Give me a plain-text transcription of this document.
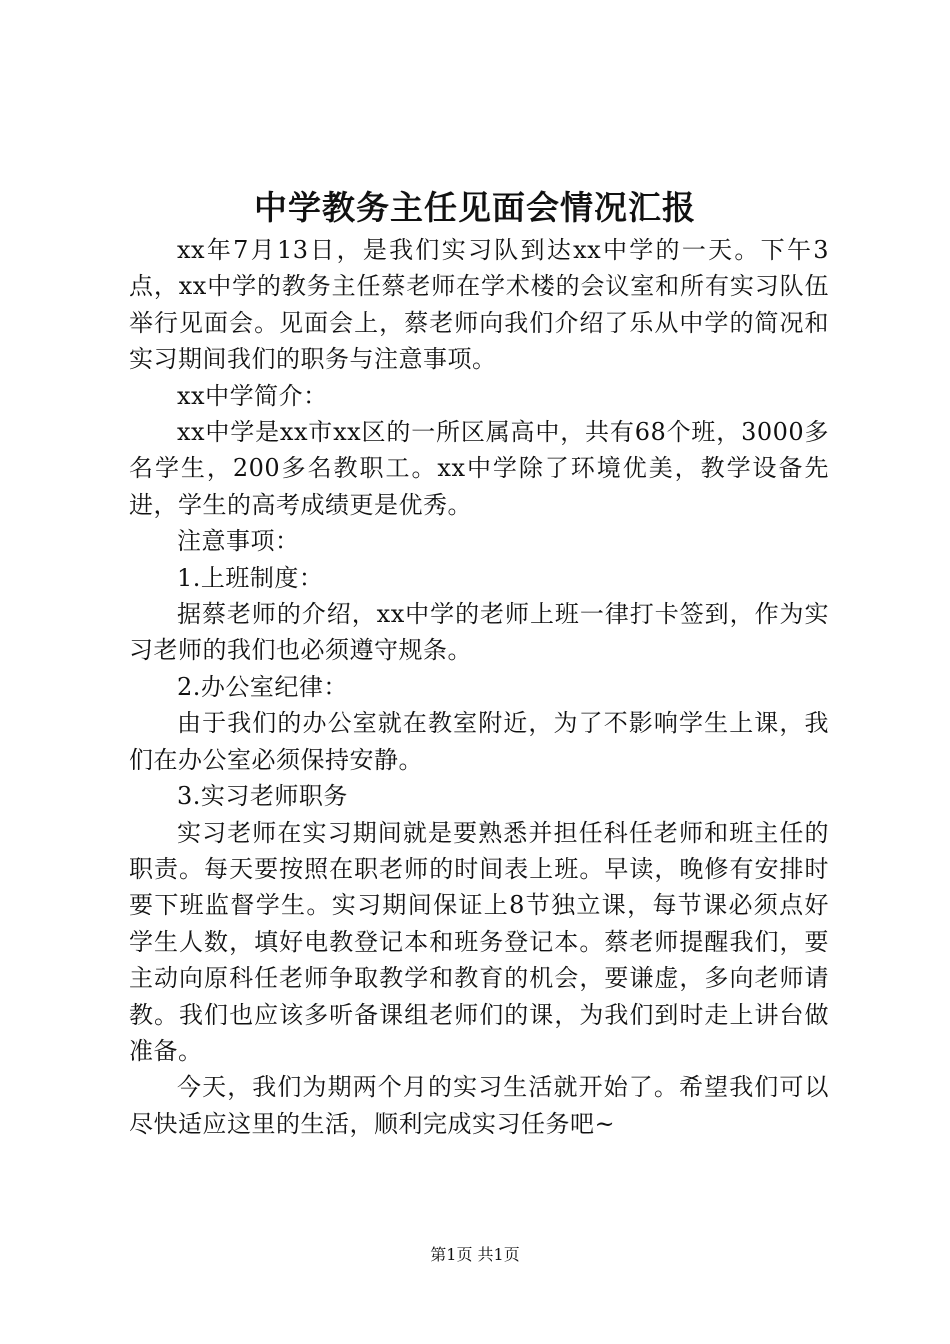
中学教务主任见面会情况汇报

xx年7月13日，是我们实习队到达xx中学的一天。下午3点，xx中学的教务主任蔡老师在学术楼的会议室和所有实习队伍举行见面会。见面会上，蔡老师向我们介绍了乐从中学的简况和实习期间我们的职务与注意事项。

xx中学简介：

xx中学是xx市xx区的一所区属高中，共有68个班，3000多名学生，200多名教职工。xx中学除了环境优美，教学设备先进，学生的高考成绩更是优秀。

注意事项：

1.上班制度：

据蔡老师的介绍，xx中学的老师上班一律打卡签到，作为实习老师的我们也必须遵守规条。

2.办公室纪律：

由于我们的办公室就在教室附近，为了不影响学生上课，我们在办公室必须保持安静。

3.实习老师职务

实习老师在实习期间就是要熟悉并担任科任老师和班主任的职责。每天要按照在职老师的时间表上班。早读，晚修有安排时要下班监督学生。实习期间保证上8节独立课，每节课必须点好学生人数，填好电教登记本和班务登记本。蔡老师提醒我们，要主动向原科任老师争取教学和教育的机会，要谦虚，多向老师请教。我们也应该多听备课组老师们的课，为我们到时走上讲台做准备。

今天，我们为期两个月的实习生活就开始了。希望我们可以尽快适应这里的生活，顺利完成实习任务吧~

第1页 共1页
